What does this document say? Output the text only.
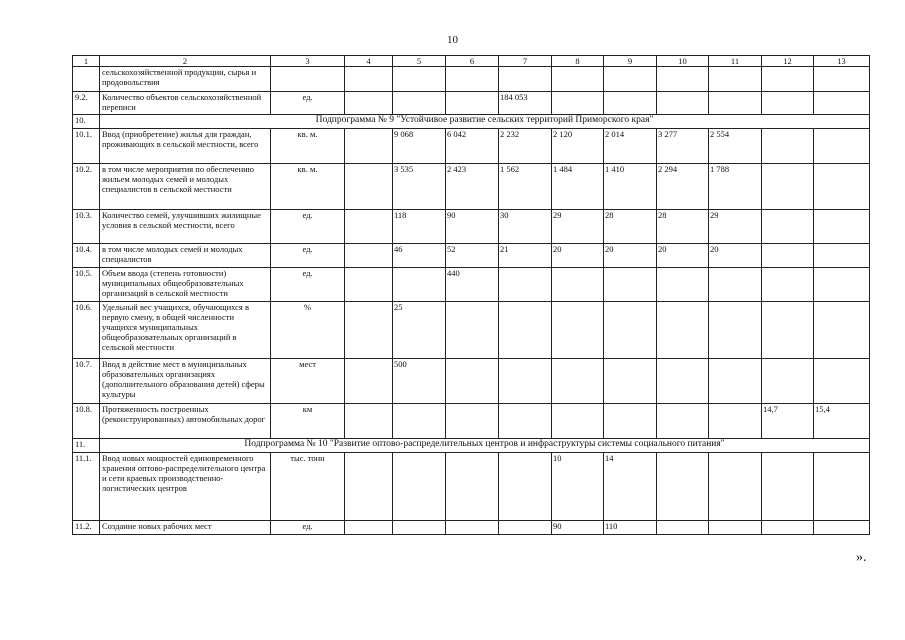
10
1	2	3	4	5	6	7	8	9	10	11	12	13
	сельскохозяйственной продукции, сырья и продовольствия											
9.2.	Количество объектов сельскохозяйственной переписи	ед.				184 053						
10.	Подпрограмма № 9 "Устойчивое развитие сельских территорий Приморского края"											
10.1.	Ввод (приобретение) жилья для граждан, проживающих в сельской местности, всего	кв. м.		9 068	6 042	2 232	2 120	2 014	3 277	2 554		
10.2.	в том числе мероприятия по обеспечению жильем молодых семей и молодых специалистов в сельской местности	кв. м.		3 535	2 423	1 562	1 484	1 410	2 294	1 788		
10.3.	Количество семей, улучшивших жилищные условия в сельской местности, всего	ед.		118	90	30	29	28	28	29		
10.4.	в том числе молодых семей и молодых специалистов	ед.		46	52	21	20	20	20	20		
10.5.	Объем ввода (степень готовности) муниципальных общеобразовательных организаций в сельской местности	ед.			440							
10.6.	Удельный вес учащихся, обучающихся в первую смену, в общей численности учащихся муниципальных общеобразовательных организаций в сельской местности	%		25								
10.7.	Ввод в действие мест в муниципальных образовательных организациях (дополнительного образования детей) сферы культуры	мест		500								
10.8.	Протяженность построенных (реконструированных) автомобильных дорог	км									14,7	15,4
11.	Подпрограмма № 10 "Развитие оптово-распределительных центров и инфраструктуры системы социального питания"											
11.1.	Ввод новых мощностей единовременного хранения оптово-распределительного центра и сети краевых производственно-логистических центров	тыс. тонн					10	14				
11.2.	Создание новых рабочих мест	ед.					90	110				
».
